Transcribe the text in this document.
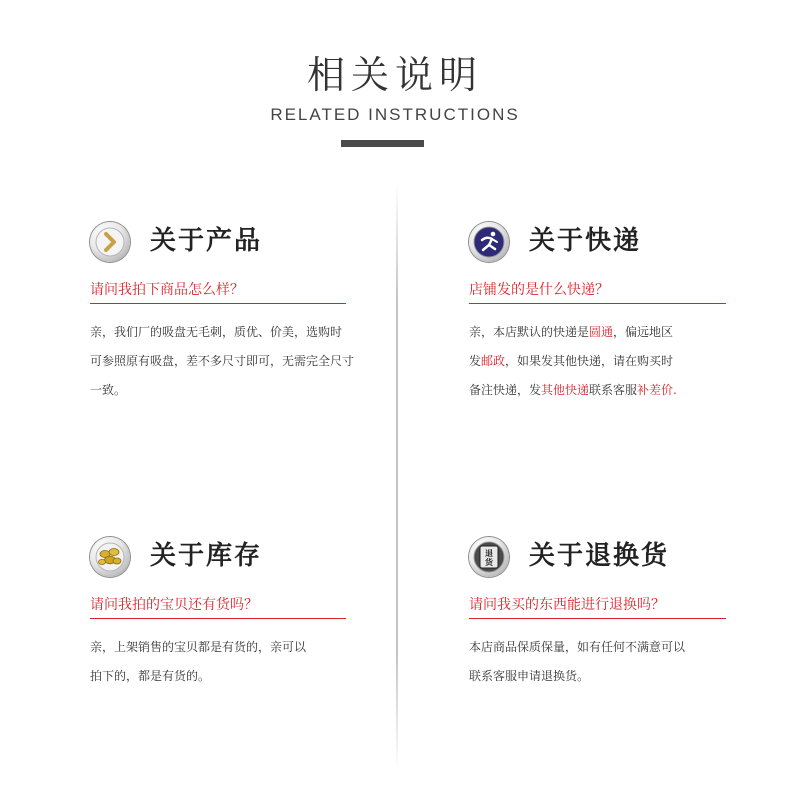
相关说明
RELATED INSTRUCTIONS
关于产品
请问我拍下商品怎么样？
亲，我们厂的吸盘无毛刺，质优、价美，选购时
可参照原有吸盘，差不多尺寸即可，无需完全尺寸
一致。
关于快递
店铺发的是什么快递？
亲，本店默认的快递是圆通，偏远地区
发邮政，如果发其他快递，请在购买时
备注快递，发其他快递联系客服补差价.
关于库存
请问我拍的宝贝还有货吗？
亲，上架销售的宝贝都是有货的，亲可以
拍下的，都是有货的。
退
货 关于退换货
请问我买的东西能进行退换吗？
本店商品保质保量，如有任何不满意可以
联系客服申请退换货。
